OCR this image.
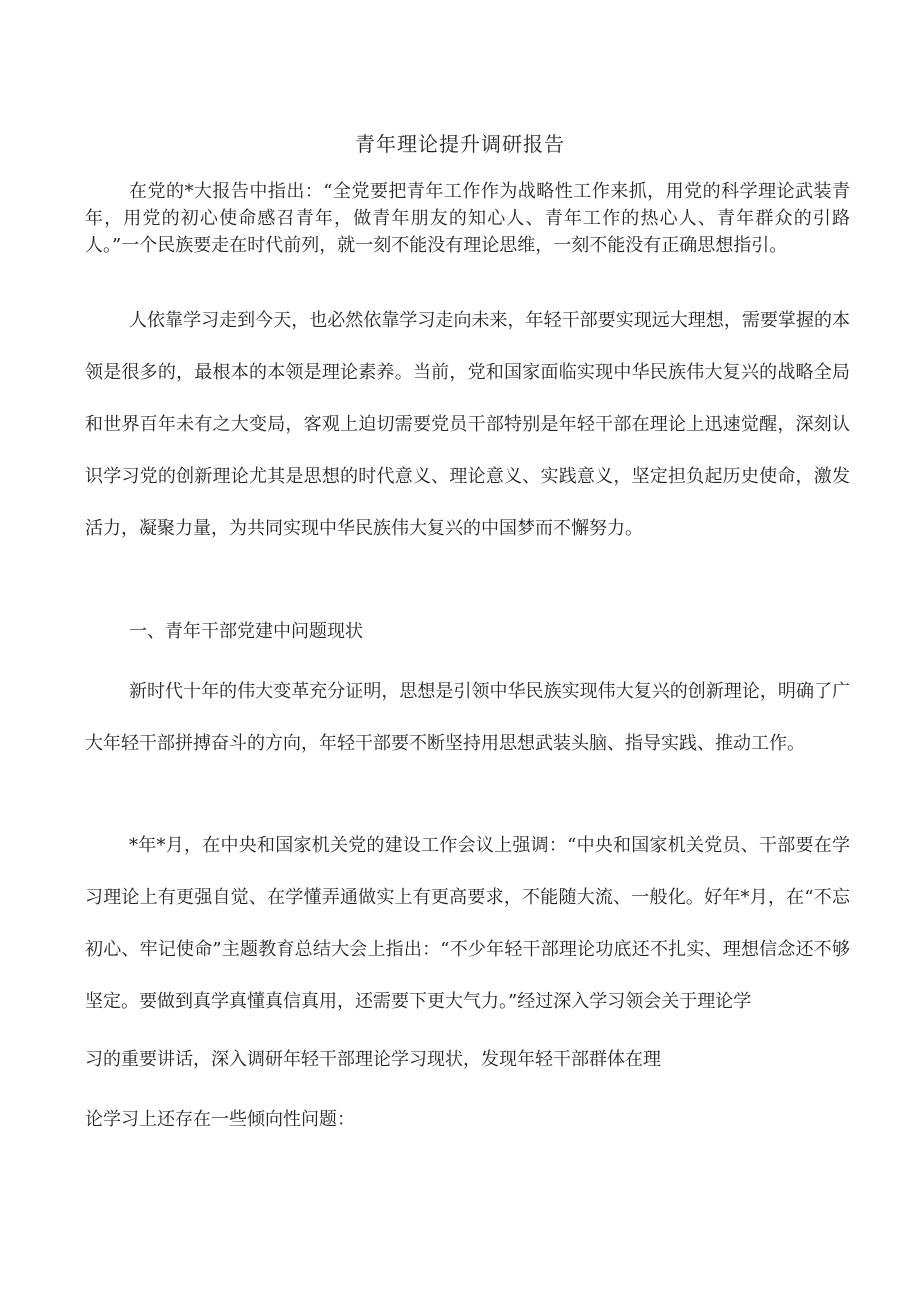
青年理论提升调研报告

在党的*大报告中指出：“全党要把青年工作作为战略性工作来抓，用党的科学理论武装青年，用党的初心使命感召青年，做青年朋友的知心人、青年工作的热心人、青年群众的引路人。”一个民族要走在时代前列，就一刻不能没有理论思维，一刻不能没有正确思想指引。

人依靠学习走到今天，也必然依靠学习走向未来，年轻干部要实现远大理想，需要掌握的本领是很多的，最根本的本领是理论素养。当前，党和国家面临实现中华民族伟大复兴的战略全局和世界百年未有之大变局，客观上迫切需要党员干部特别是年轻干部在理论上迅速觉醒，深刻认识学习党的创新理论尤其是思想的时代意义、理论意义、实践意义，坚定担负起历史使命，激发活力，凝聚力量，为共同实现中华民族伟大复兴的中国梦而不懈努力。

一、青年干部党建中问题现状

新时代十年的伟大变革充分证明，思想是引领中华民族实现伟大复兴的创新理论，明确了广大年轻干部拼搏奋斗的方向，年轻干部要不断坚持用思想武装头脑、指导实践、推动工作。

*年*月，在中央和国家机关党的建设工作会议上强调：“中央和国家机关党员、干部要在学习理论上有更强自觉、在学懂弄通做实上有更高要求，不能随大流、一般化。好年*月，在“不忘初心、牢记使命”主题教育总结大会上指出：“不少年轻干部理论功底还不扎实、理想信念还不够坚定。要做到真学真懂真信真用，还需要下更大气力。”经过深入学习领会关于理论学

习的重要讲话，深入调研年轻干部理论学习现状，发现年轻干部群体在理
论学习上还存在一些倾向性问题：
